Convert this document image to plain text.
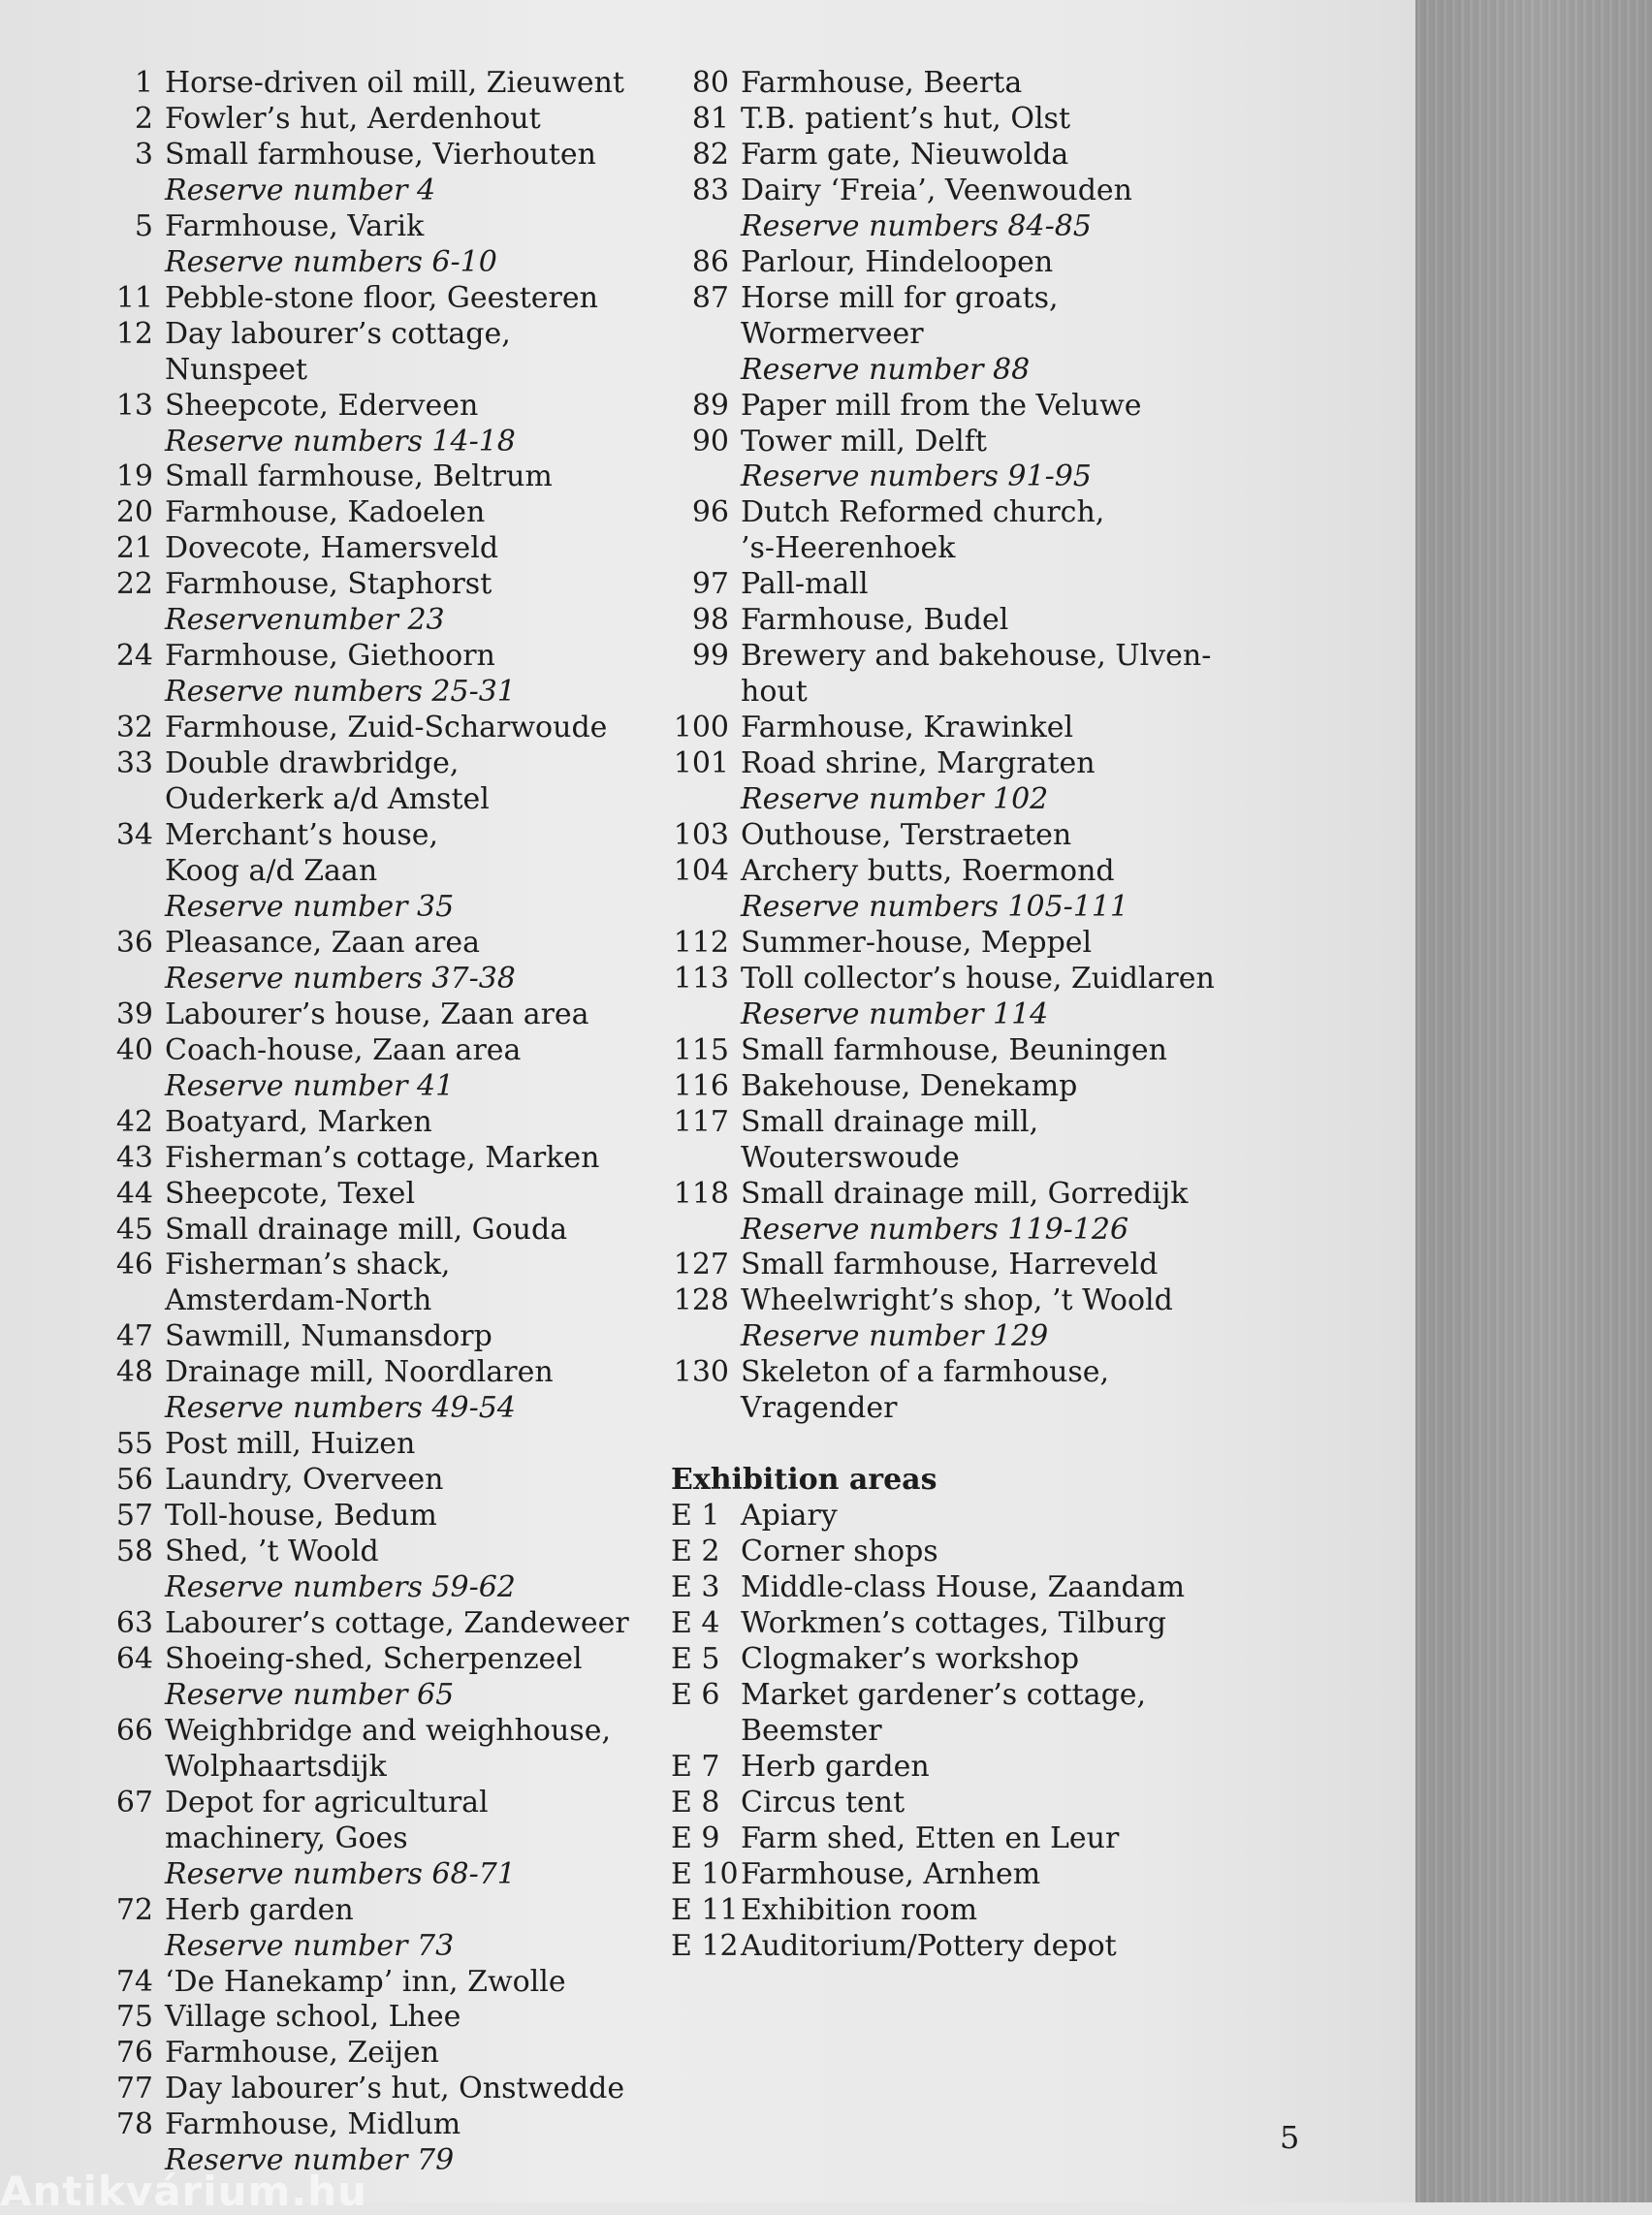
1 Horse-driven oil mill, Zieuwent
2 Fowler’s hut, Aerdenhout
3 Small farmhouse, Vierhouten
Reserve number 4
5 Farmhouse, Varik
Reserve numbers 6-10
11 Pebble-stone floor, Geesteren
12 Day labourer’s cottage, Nunspeet
13 Sheepcote, Ederveen
Reserve numbers 14-18
19 Small farmhouse, Beltrum
20 Farmhouse, Kadoelen
21 Dovecote, Hamersveld
22 Farmhouse, Staphorst
Reservenumber 23
24 Farmhouse, Giethoorn
Reserve numbers 25-31
32 Farmhouse, Zuid-Scharwoude
33 Double drawbridge,
Ouderkerk a/d Amstel
34 Merchant’s house,
Koog a/d Zaan
Reserve number 35
36 Pleasance, Zaan area
Reserve numbers 37-38
39 Labourer’s house, Zaan area
40 Coach-house, Zaan area
Reserve number 41
42 Boatyard, Marken
43 Fisherman’s cottage, Marken
44 Sheepcote, Texel
45 Small drainage mill, Gouda
46 Fisherman’s shack,
Amsterdam-North
47 Sawmill, Numansdorp
48 Drainage mill, Noordlaren
Reserve numbers 49-54
55 Post mill, Huizen
56 Laundry, Overveen
57 Toll-house, Bedum
58 Shed, ’t Woold
Reserve numbers 59-62
63 Labourer’s cottage, Zandeweer
64 Shoeing-shed, Scherpenzeel
Reserve number 65
66 Weighbridge and weighhouse,
Wolphaartsdijk
67 Depot for agricultural
machinery, Goes
Reserve numbers 68-71
72 Herb garden
Reserve number 73
74 ‘De Hanekamp’ inn, Zwolle
75 Village school, Lhee
76 Farmhouse, Zeijen
77 Day labourer’s hut, Onstwedde
78 Farmhouse, Midlum
Reserve number 79
80 Farmhouse, Beerta
81 T.B. patient’s hut, Olst
82 Farm gate, Nieuwolda
83 Dairy ‘Freia’, Veenwouden
Reserve numbers 84-85
86 Parlour, Hindeloopen
87 Horse mill for groats,
Wormerveer
Reserve number 88
89 Paper mill from the Veluwe
90 Tower mill, Delft
Reserve numbers 91-95
96 Dutch Reformed church,
’s-Heerenhoek
97 Pall-mall
98 Farmhouse, Budel
99 Brewery and bakehouse, Ulven-
hout
100 Farmhouse, Krawinkel
101 Road shrine, Margraten
Reserve number 102
103 Outhouse, Terstraeten
104 Archery butts, Roermond
Reserve numbers 105-111
112 Summer-house, Meppel
113 Toll collector’s house, Zuidlaren
Reserve number 114
115 Small farmhouse, Beuningen
116 Bakehouse, Denekamp
117 Small drainage mill,
Wouterswoude
118 Small drainage mill, Gorredijk
Reserve numbers 119-126
127 Small farmhouse, Harreveld
128 Wheelwright’s shop, ’t Woold
Reserve number 129
130 Skeleton of a farmhouse,
Vragender
Exhibition areas
E 1 Apiary
E 2 Corner shops
E 3 Middle-class House, Zaandam
E 4 Workmen’s cottages, Tilburg
E 5 Clogmaker’s workshop
E 6 Market gardener’s cottage,
Beemster
E 7 Herb garden
E 8 Circus tent
E 9 Farm shed, Etten en Leur
E 10 Farmhouse, Arnhem
E 11 Exhibition room
E 12 Auditorium/Pottery depot
5
Antikvárium.hu
